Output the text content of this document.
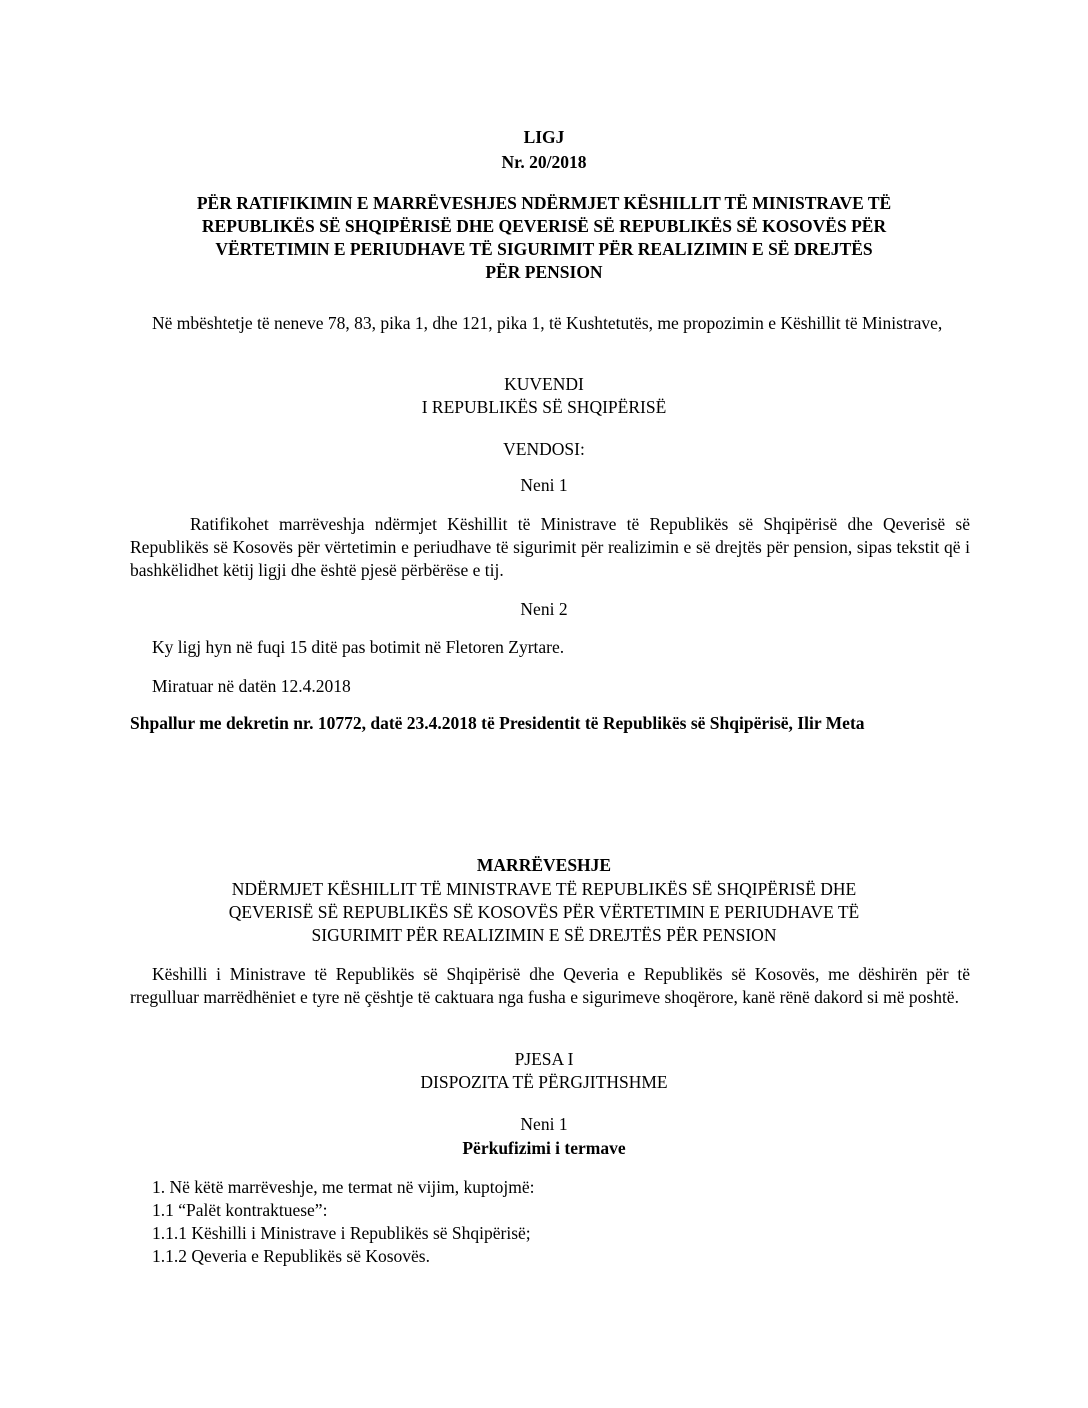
LIGJ

Nr. 20/2018

PËR RATIFIKIMIN E MARRËVESHJES NDËRMJET KËSHILLIT TË MINISTRAVE TË
REPUBLIKËS SË SHQIPËRISË DHE QEVERISË SË REPUBLIKËS SË KOSOVËS PËR
VËRTETIMIN E PERIUDHAVE TË SIGURIMIT PËR REALIZIMIN E SË DREJTËS
PËR PENSION

Në mbështetje të neneve 78, 83, pika 1, dhe 121, pika 1, të Kushtetutës, me propozimin e Këshillit të Ministrave,

KUVENDI
I REPUBLIKËS SË SHQIPËRISË

VENDOSI:

Neni 1

Ratifikohet marrëveshja ndërmjet Këshillit të Ministrave të Republikës së Shqipërisë dhe Qeverisë së Republikës së Kosovës për vërtetimin e periudhave të sigurimit për realizimin e së drejtës për pension, sipas tekstit që i bashkëlidhet këtij ligji dhe është pjesë përbërëse e tij.

Neni 2

Ky ligj hyn në fuqi 15 ditë pas botimit në Fletoren Zyrtare.

Miratuar në datën 12.4.2018

Shpallur me dekretin nr. 10772, datë 23.4.2018 të Presidentit të Republikës së Shqipërisë, Ilir Meta

MARRËVESHJE

NDËRMJET KËSHILLIT TË MINISTRAVE TË REPUBLIKËS SË SHQIPËRISË DHE
QEVERISË SË REPUBLIKËS SË KOSOVËS PËR VËRTETIMIN E PERIUDHAVE TË
SIGURIMIT PËR REALIZIMIN E SË DREJTËS PËR PENSION

Këshilli i Ministrave të Republikës së Shqipërisë dhe Qeveria e Republikës së Kosovës, me dëshirën për të rregulluar marrëdhëniet e tyre në çështje të caktuara nga fusha e sigurimeve shoqërore, kanë rënë dakord si më poshtë.

PJESA I
DISPOZITA TË PËRGJITHSHME

Neni 1

Përkufizimi i termave

1. Në këtë marrëveshje, me termat në vijim, kuptojmë:
1.1 “Palët kontraktuese”:
1.1.1 Këshilli i Ministrave i Republikës së Shqipërisë;
1.1.2 Qeveria e Republikës së Kosovës.
